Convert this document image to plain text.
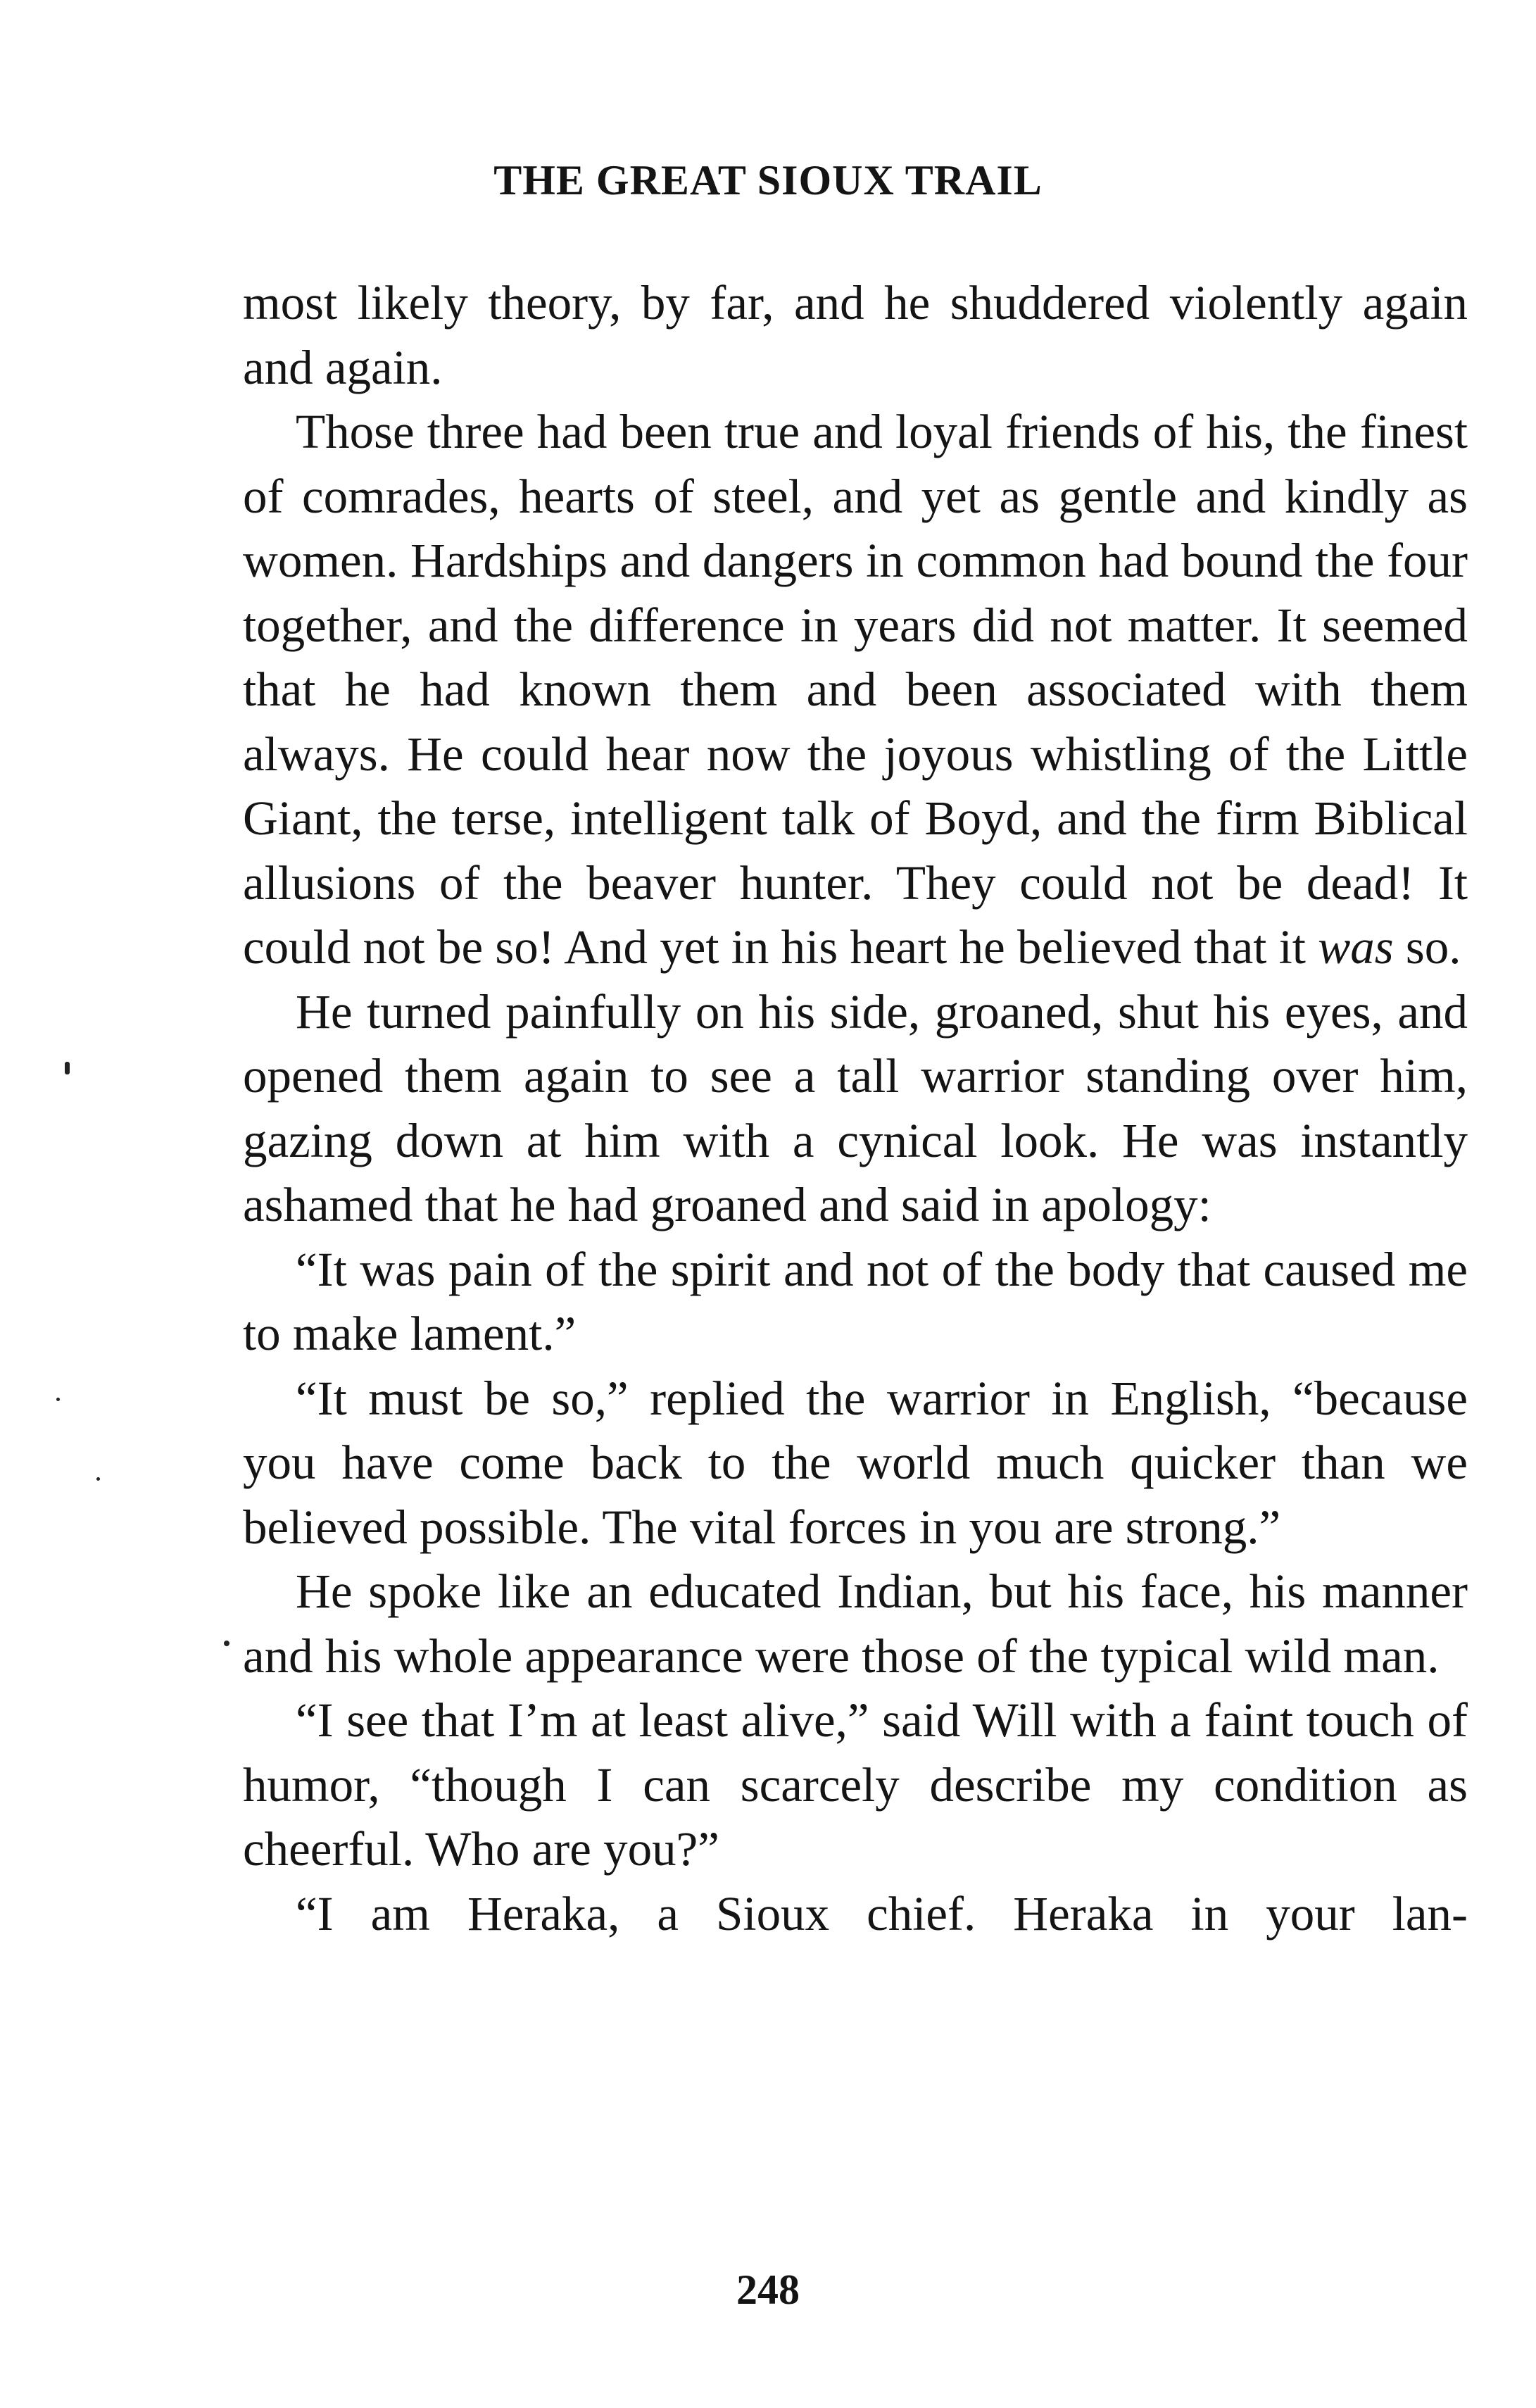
THE GREAT SIOUX TRAIL

most likely theory, by far, and he shuddered violently again and again.

Those three had been true and loyal friends of his, the finest of comrades, hearts of steel, and yet as gentle and kindly as women. Hardships and dangers in common had bound the four together, and the difference in years did not matter. It seemed that he had known them and been associated with them always. He could hear now the joyous whistling of the Little Giant, the terse, intelligent talk of Boyd, and the firm Biblical allusions of the beaver hunter. They could not be dead! It could not be so! And yet in his heart he believed that it was so.

He turned painfully on his side, groaned, shut his eyes, and opened them again to see a tall warrior standing over him, gazing down at him with a cynical look. He was instantly ashamed that he had groaned and said in apology:

“It was pain of the spirit and not of the body that caused me to make lament.”

“It must be so,” replied the warrior in English, “because you have come back to the world much quicker than we believed possible. The vital forces in you are strong.”

He spoke like an educated Indian, but his face, his manner and his whole appearance were those of the typical wild man.

“I see that I’m at least alive,” said Will with a faint touch of humor, “though I can scarcely describe my condition as cheerful. Who are you?”

“I am Heraka, a Sioux chief. Heraka in your lan-

248
